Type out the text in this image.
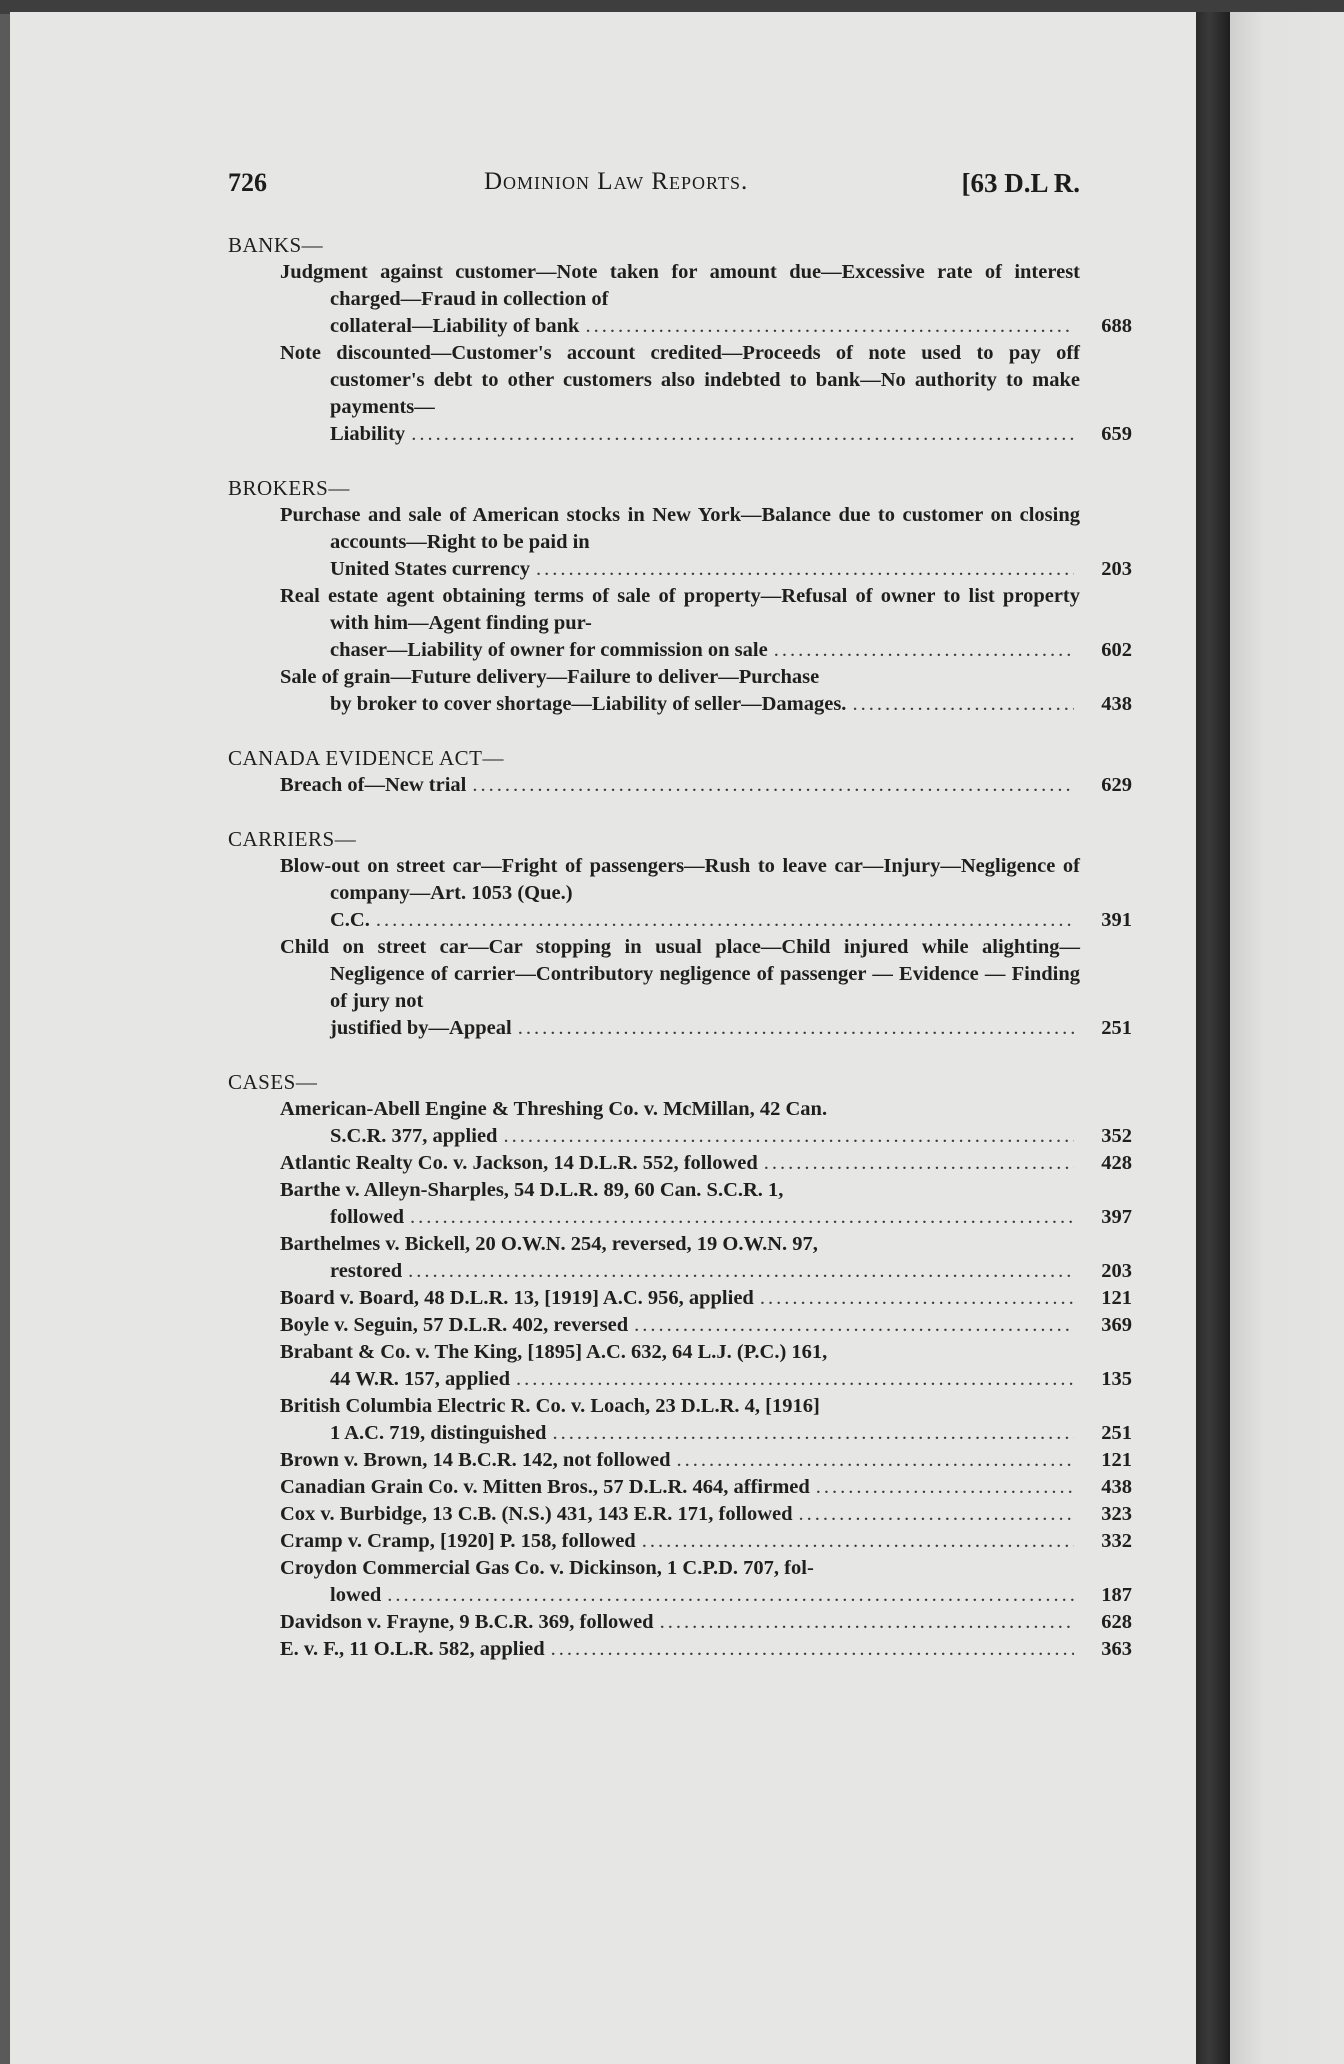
726	Dominion Law Reports.	[63 D.L R.
BANKS—
Judgment against customer—Note taken for amount due—Excessive rate of interest charged—Fraud in collection of
collateral—Liability of bank .....	688
Note discounted—Customer's account credited—Proceeds of note used to pay off customer's debt to other customers also indebted to bank—No authority to make payments—
Liability .....	659
BROKERS—
Purchase and sale of American stocks in New York—Balance due to customer on closing accounts—Right to be paid in
United States currency .....	203
Real estate agent obtaining terms of sale of property—Refusal of owner to list property with him—Agent finding pur-
chaser—Liability of owner for commission on sale .....	602
Sale of grain—Future delivery—Failure to deliver—Purchase
by broker to cover shortage—Liability of seller—Damages. .....	438
CANADA EVIDENCE ACT—
Breach of—New trial .....	629
CARRIERS—
Blow-out on street car—Fright of passengers—Rush to leave car—Injury—Negligence of company—Art. 1053 (Que.)
C.C. .....	391
Child on street car—Car stopping in usual place—Child injured while alighting—Negligence of carrier—Contributory negligence of passenger — Evidence — Finding of jury not
justified by—Appeal .....	251
CASES—
American-Abell Engine & Threshing Co. v. McMillan, 42 Can.
S.C.R. 377, applied .....	352
Atlantic Realty Co. v. Jackson, 14 D.L.R. 552, followed .....	428
Barthe v. Alleyn-Sharples, 54 D.L.R. 89, 60 Can. S.C.R. 1,
followed .....	397
Barthelmes v. Bickell, 20 O.W.N. 254, reversed, 19 O.W.N. 97,
restored .....	203
Board v. Board, 48 D.L.R. 13, [1919] A.C. 956, applied .....	121
Boyle v. Seguin, 57 D.L.R. 402, reversed .....	369
Brabant & Co. v. The King, [1895] A.C. 632, 64 L.J. (P.C.) 161,
44 W.R. 157, applied .....	135
British Columbia Electric R. Co. v. Loach, 23 D.L.R. 4, [1916]
1 A.C. 719, distinguished .....	251
Brown v. Brown, 14 B.C.R. 142, not followed .....	121
Canadian Grain Co. v. Mitten Bros., 57 D.L.R. 464, affirmed .....	438
Cox v. Burbidge, 13 C.B. (N.S.) 431, 143 E.R. 171, followed .....	323
Cramp v. Cramp, [1920] P. 158, followed .....	332
Croydon Commercial Gas Co. v. Dickinson, 1 C.P.D. 707, fol-
lowed .....	187
Davidson v. Frayne, 9 B.C.R. 369, followed .....	628
E. v. F., 11 O.L.R. 582, applied .....	363
